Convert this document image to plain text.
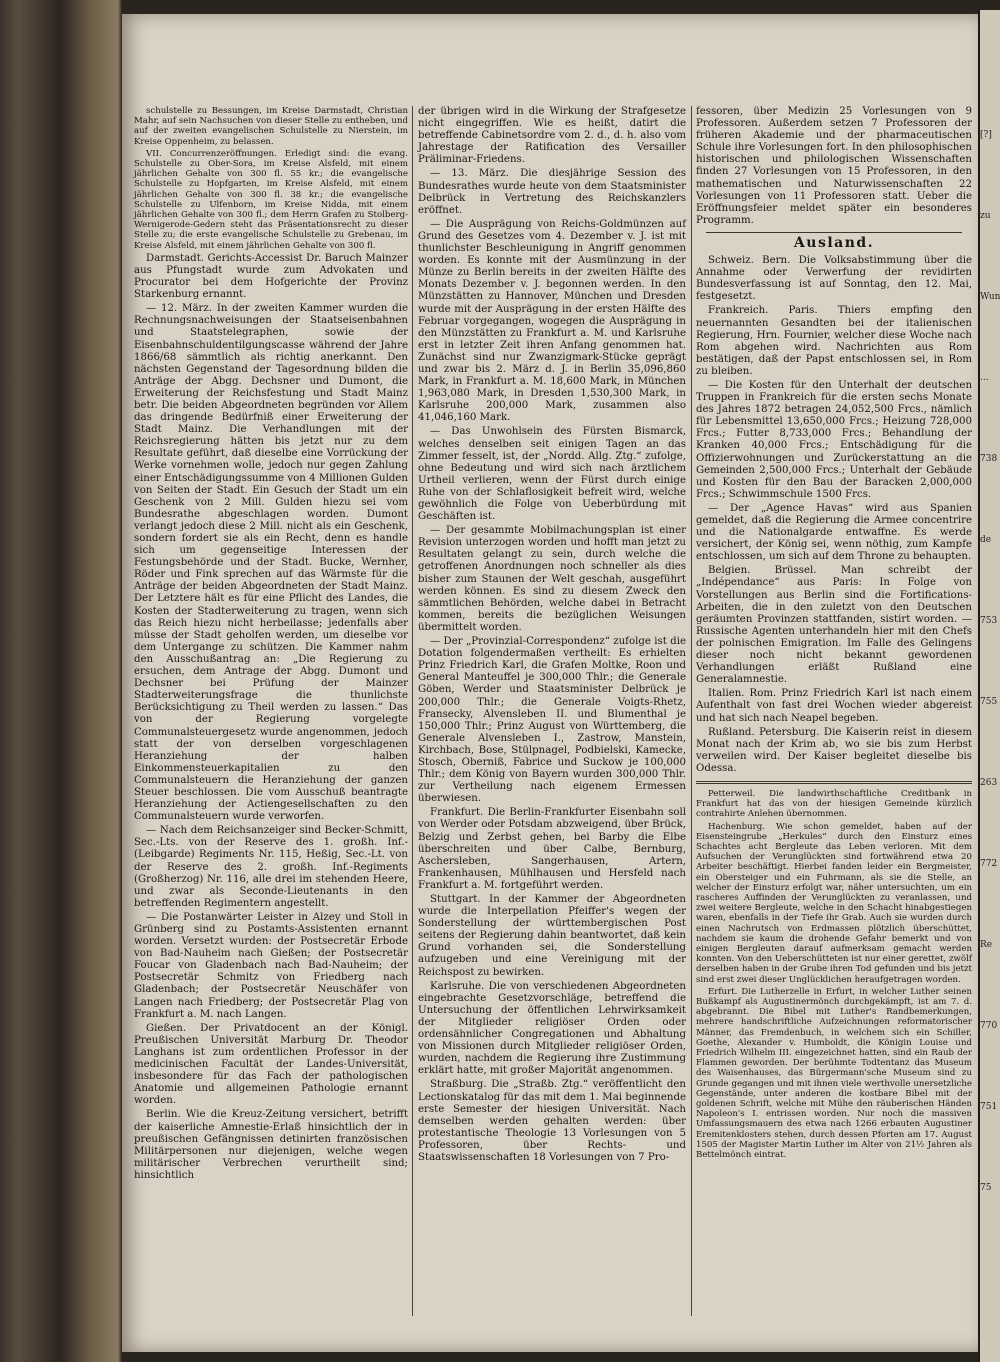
schulstelle zu Bessungen, im Kreise Darmstadt, Christian Mahr, auf sein Nachsuchen von dieser Stelle zu entheben, und auf der zweiten evangelischen Schulstelle zu Nierstein, im Kreise Oppenheim, zu belassen.

VII. Concurrenzeröffnungen. Erledigt sind: die evang. Schulstelle zu Ober-Sora, im Kreise Alsfeld, mit einem jährlichen Gehalte von 300 fl. 55 kr.; die evangelische Schulstelle zu Hopfgarten, im Kreise Alsfeld, mit einem jährlichen Gehalte von 300 fl. 38 kr.; die evangelische Schulstelle zu Ulfenborn, im Kreise Nidda, mit einem jährlichen Gehalte von 300 fl.; dem Herrn Grafen zu Stolberg-Wernigerode-Gedern steht das Präsentationsrecht zu dieser Stelle zu; die erste evangelische Schulstelle zu Grebenau, im Kreise Alsfeld, mit einem jährlichen Gehalte von 300 fl.

Darmstadt. Gerichts-Accessist Dr. Baruch Mainzer aus Pfungstadt wurde zum Advokaten und Procurator bei dem Hofgerichte der Provinz Starkenburg ernannt.

— 12. März. In der zweiten Kammer wurden die Rechnungsnachweisungen der Staatseisenbahnen und Staatstelegraphen, sowie der Eisenbahnschuldentilgungscasse während der Jahre 1866/68 sämmtlich als richtig anerkannt. Den nächsten Gegenstand der Tagesordnung bilden die Anträge der Abgg. Dechsner und Dumont, die Erweiterung der Reichsfestung und Stadt Mainz betr. Die beiden Abgeordneten begründen vor Allem das dringende Bedürfniß einer Erweiterung der Stadt Mainz. Die Verhandlungen mit der Reichsregierung hätten bis jetzt nur zu dem Resultate geführt, daß dieselbe eine Vorrückung der Werke vornehmen wolle, jedoch nur gegen Zahlung einer Entschädigungssumme von 4 Millionen Gulden von Seiten der Stadt. Ein Gesuch der Stadt um ein Geschenk von 2 Mill. Gulden hiezu sei vom Bundesrathe abgeschlagen worden. Dumont verlangt jedoch diese 2 Mill. nicht als ein Geschenk, sondern fordert sie als ein Recht, denn es handle sich um gegenseitige Interessen der Festungsbehörde und der Stadt. Bucke, Wernher, Röder und Fink sprechen auf das Wärmste für die Anträge der beiden Abgeordneten der Stadt Mainz. Der Letztere hält es für eine Pflicht des Landes, die Kosten der Stadterweiterung zu tragen, wenn sich das Reich hiezu nicht herbeilasse; jedenfalls aber müsse der Stadt geholfen werden, um dieselbe vor dem Untergange zu schützen. Die Kammer nahm den Ausschußantrag an: „Die Regierung zu ersuchen, dem Antrage der Abgg. Dumont und Dechsner bei Prüfung der Mainzer Stadterweiterungsfrage die thunlichste Berücksichtigung zu Theil werden zu lassen.“ Das von der Regierung vorgelegte Communalsteuergesetz wurde angenommen, jedoch statt der von derselben vorgeschlagenen Heranziehung der halben Einkommensteuerkapitalien zu den Communalsteuern die Heranziehung der ganzen Steuer beschlossen. Die vom Ausschuß beantragte Heranziehung der Actiengesellschaften zu den Communalsteuern wurde verworfen.

— Nach dem Reichsanzeiger sind Becker-Schmitt, Sec.-Lts. von der Reserve des 1. großh. Inf.- (Leibgarde) Regiments Nr. 115, Heßig, Sec.-Lt. von der Reserve des 2. großh. Inf.-Regiments (Großherzog) Nr. 116, alle drei im stehenden Heere, und zwar als Seconde-Lieutenants in den betreffenden Regimentern angestellt.

— Die Postanwärter Leister in Alzey und Stoll in Grünberg sind zu Postamts-Assistenten ernannt worden. Versetzt wurden: der Postsecretär Erbode von Bad-Nauheim nach Gießen; der Postsecretär Foucar von Gladenbach nach Bad-Nauheim; der Postsecretär Schmitz von Friedberg nach Gladenbach; der Postsecretär Neuschäfer von Langen nach Friedberg; der Postsecretär Plag von Frankfurt a. M. nach Langen.

Gießen. Der Privatdocent an der Königl. Preußischen Universität Marburg Dr. Theodor Langhans ist zum ordentlichen Professor in der medicinischen Facultät der Landes-Universität, insbesondere für das Fach der pathologischen Anatomie und allgemeinen Pathologie ernannt worden.

Berlin. Wie die Kreuz-Zeitung versichert, betrifft der kaiserliche Amnestie-Erlaß hinsichtlich der in preußischen Gefängnissen detinirten französischen Militärpersonen nur diejenigen, welche wegen militärischer Verbrechen verurtheilt sind; hinsichtlich

der übrigen wird in die Wirkung der Strafgesetze nicht eingegriffen. Wie es heißt, datirt die betreffende Cabinetsordre vom 2. d., d. h. also vom Jahrestage der Ratification des Versailler Präliminar-Friedens.

— 13. März. Die diesjährige Session des Bundesrathes wurde heute von dem Staatsminister Delbrück in Vertretung des Reichskanzlers eröffnet.

— Die Ausprägung von Reichs-Goldmünzen auf Grund des Gesetzes vom 4. Dezember v. J. ist mit thunlichster Beschleunigung in Angriff genommen worden. Es konnte mit der Ausmünzung in der Münze zu Berlin bereits in der zweiten Hälfte des Monats Dezember v. J. begonnen werden. In den Münzstätten zu Hannover, München und Dresden wurde mit der Ausprägung in der ersten Hälfte des Februar vorgegangen, wogegen die Ausprägung in den Münzstätten zu Frankfurt a. M. und Karlsruhe erst in letzter Zeit ihren Anfang genommen hat. Zunächst sind nur Zwanzigmark-Stücke geprägt und zwar bis 2. März d. J. in Berlin 35,096,860 Mark, in Frankfurt a. M. 18,600 Mark, in München 1,963,080 Mark, in Dresden 1,530,300 Mark, in Karlsruhe 200,000 Mark, zusammen also 41,046,160 Mark.

— Das Unwohlsein des Fürsten Bismarck, welches denselben seit einigen Tagen an das Zimmer fesselt, ist, der „Nordd. Allg. Ztg.“ zufolge, ohne Bedeutung und wird sich nach ärztlichem Urtheil verlieren, wenn der Fürst durch einige Ruhe von der Schlaflosigkeit befreit wird, welche gewöhnlich die Folge von Ueberbürdung mit Geschäften ist.

— Der gesammte Mobilmachungsplan ist einer Revision unterzogen worden und hofft man jetzt zu Resultaten gelangt zu sein, durch welche die getroffenen Anordnungen noch schneller als dies bisher zum Staunen der Welt geschah, ausgeführt werden können. Es sind zu diesem Zweck den sämmtlichen Behörden, welche dabei in Betracht kommen, bereits die bezüglichen Weisungen übermittelt worden.

— Der „Provinzial-Correspondenz“ zufolge ist die Dotation folgendermaßen vertheilt: Es erhielten Prinz Friedrich Karl, die Grafen Moltke, Roon und General Manteuffel je 300,000 Thlr.; die Generale Göben, Werder und Staatsminister Delbrück je 200,000 Thlr.; die Generale Voigts-Rhetz, Fransecky, Alvensleben II. und Blumenthal je 150,000 Thlr.; Prinz August von Württemberg, die Generale Alvensleben I., Zastrow, Manstein, Kirchbach, Bose, Stülpnagel, Podbielski, Kamecke, Stosch, Oberniß, Fabrice und Suckow je 100,000 Thlr.; dem König von Bayern wurden 300,000 Thlr. zur Vertheilung nach eigenem Ermessen überwiesen.

Frankfurt. Die Berlin-Frankfurter Eisenbahn soll von Werder oder Potsdam abzweigend, über Brück, Belzig und Zerbst gehen, bei Barby die Elbe überschreiten und über Calbe, Bernburg, Aschersleben, Sangerhausen, Artern, Frankenhausen, Mühlhausen und Hersfeld nach Frankfurt a. M. fortgeführt werden.

Stuttgart. In der Kammer der Abgeordneten wurde die Interpellation Pfeiffer's wegen der Sonderstellung der württembergischen Post seitens der Regierung dahin beantwortet, daß kein Grund vorhanden sei, die Sonderstellung aufzugeben und eine Vereinigung mit der Reichspost zu bewirken.

Karlsruhe. Die von verschiedenen Abgeordneten eingebrachte Gesetzvorschläge, betreffend die Untersuchung der öffentlichen Lehrwirksamkeit der Mitglieder religiöser Orden oder ordensähnlicher Congregationen und Abhaltung von Missionen durch Mitglieder religiöser Orden, wurden, nachdem die Regierung ihre Zustimmung erklärt hatte, mit großer Majorität angenommen.

Straßburg. Die „Straßb. Ztg.“ veröffentlicht den Lectionskatalog für das mit dem 1. Mai beginnende erste Semester der hiesigen Universität. Nach demselben werden gehalten werden: über protestantische Theologie 13 Vorlesungen von 5 Professoren, über Rechts- und Staatswissenschaften 18 Vorlesungen von 7 Pro-

fessoren, über Medizin 25 Vorlesungen von 9 Professoren. Außerdem setzen 7 Professoren der früheren Akademie und der pharmaceutischen Schule ihre Vorlesungen fort. In den philosophischen historischen und philologischen Wissenschaften finden 27 Vorlesungen von 15 Professoren, in den mathematischen und Naturwissenschaften 22 Vorlesungen von 11 Professoren statt. Ueber die Eröffnungsfeier meldet später ein besonderes Programm.

Ausland.

Schweiz. Bern. Die Volksabstimmung über die Annahme oder Verwerfung der revidirten Bundesverfassung ist auf Sonntag, den 12. Mai, festgesetzt.

Frankreich. Paris. Thiers empfing den neuernannten Gesandten bei der italienischen Regierung, Hrn. Fournier, welcher diese Woche nach Rom abgehen wird. Nachrichten aus Rom bestätigen, daß der Papst entschlossen sei, in Rom zu bleiben.

— Die Kosten für den Unterhalt der deutschen Truppen in Frankreich für die ersten sechs Monate des Jahres 1872 betragen 24,052,500 Frcs., nämlich für Lebensmittel 13,650,000 Frcs.; Heizung 728,000 Frcs.; Futter 8,733,000 Frcs.; Behandlung der Kranken 40,000 Frcs.; Entschädigung für die Offizierwohnungen und Zurückerstattung an die Gemeinden 2,500,000 Frcs.; Unterhalt der Gebäude und Kosten für den Bau der Baracken 2,000,000 Frcs.; Schwimmschule 1500 Frcs.

— Der „Agence Havas“ wird aus Spanien gemeldet, daß die Regierung die Armee concentrire und die Nationalgarde entwaffne. Es werde versichert, der König sei, wenn nöthig, zum Kampfe entschlossen, um sich auf dem Throne zu behaupten.

Belgien. Brüssel. Man schreibt der „Indépendance“ aus Paris: In Folge von Vorstellungen aus Berlin sind die Fortifications-Arbeiten, die in den zuletzt von den Deutschen geräumten Provinzen stattfanden, sistirt worden. — Russische Agenten unterhandeln hier mit den Chefs der polnischen Emigration. Im Falle des Gelingens dieser noch nicht bekannt gewordenen Verhandlungen erläßt Rußland eine Generalamnestie.

Italien. Rom. Prinz Friedrich Karl ist nach einem Aufenthalt von fast drei Wochen wieder abgereist und hat sich nach Neapel begeben.

Rußland. Petersburg. Die Kaiserin reist in diesem Monat nach der Krim ab, wo sie bis zum Herbst verweilen wird. Der Kaiser begleitet dieselbe bis Odessa.

Petterweil. Die landwirthschaftliche Creditbank in Frankfurt hat das von der hiesigen Gemeinde kürzlich contrahirte Anlehen übernommen.

Hachenburg. Wie schon gemeldet, haben auf der Eisensteingrube „Herkules“ durch den Einsturz eines Schachtes acht Bergleute das Leben verloren. Mit dem Aufsuchen der Verunglückten sind fortwährend etwa 20 Arbeiter beschäftigt. Hierbei fanden leider ein Bergmeister, ein Obersteiger und ein Fuhrmann, als sie die Stelle, an welcher der Einsturz erfolgt war, näher untersuchten, um ein rascheres Auffinden der Verunglückten zu veranlassen, und zwei weitere Bergleute, welche in den Schacht hinabgestiegen waren, ebenfalls in der Tiefe ihr Grab. Auch sie wurden durch einen Nachrutsch von Erdmassen plötzlich überschüttet, nachdem sie kaum die drohende Gefahr bemerkt und von einigen Bergleuten darauf aufmerksam gemacht werden konnten. Von den Ueberschütteten ist nur einer gerettet, zwölf derselben haben in der Grube ihren Tod gefunden und bis jetzt sind erst zwei dieser Unglücklichen heraufgetragen worden.

Erfurt. Die Lutherzelle in Erfurt, in welcher Luther seinen Bußkampf als Augustinermönch durchgekämpft, ist am 7. d. abgebrannt. Die Bibel mit Luther's Randbemerkungen, mehrere handschriftliche Aufzeichnungen reformatorischer Männer, das Fremdenbuch, in welchem sich ein Schiller, Goethe, Alexander v. Humboldt, die Königin Louise und Friedrich Wilhelm III. eingezeichnet hatten, sind ein Raub der Flammen geworden. Der berühmte Todtentanz das Museum des Waisenhauses, das Bürgermann'sche Museum sind zu Grunde gegangen und mit ihnen viele werthvolle unersetzliche Gegenstände, unter anderen die kostbare Bibel mit der goldenen Schrift, welche mit Mühe den räuberischen Händen Napoleon's I. entrissen worden. Nur noch die massiven Umfassungsmauern des etwa nach 1266 erbauten Augustiner Eremitenklosters stehen, durch dessen Pforten am 17. August 1505 der Magister Martin Luther im Alter von 21½ Jahren als Bettelmönch eintrat.

[?]
zu
Wun
...
738
de
753
755
263
772
Re
770
751
75
